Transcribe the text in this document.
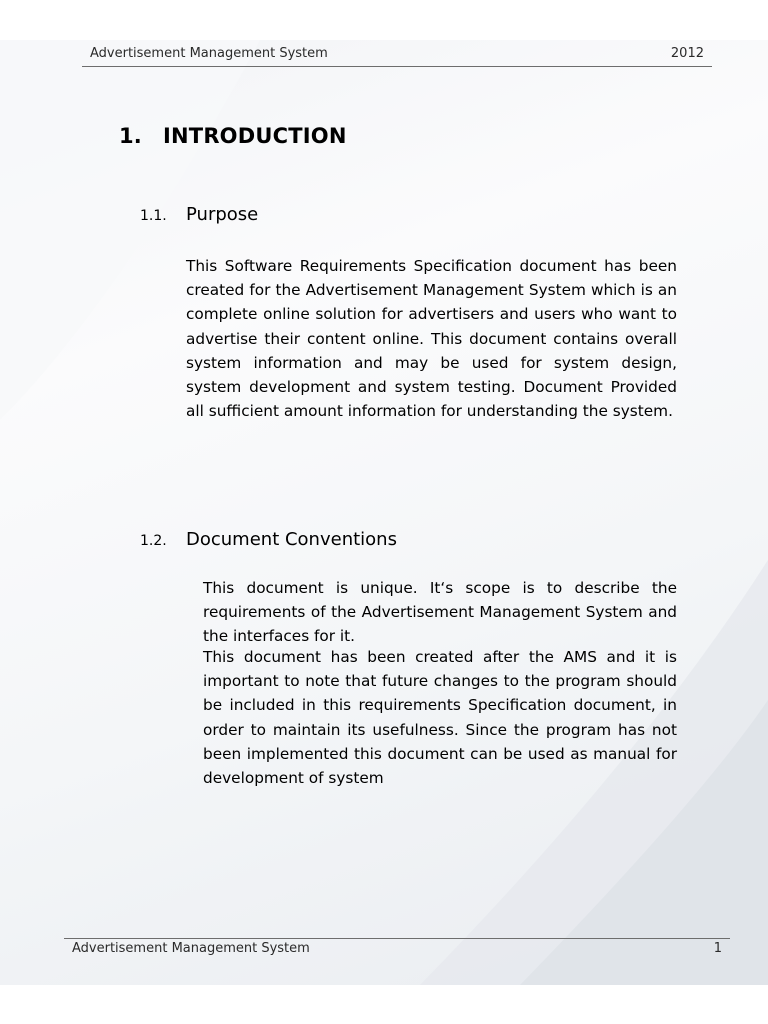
Advertisement Management System	2012
1. INTRODUCTION
1.1. Purpose
This Software Requirements Specification document has been created for the Advertisement Management System which is an complete online solution for advertisers and users who want to advertise their content online. This document contains overall system information and may be used for system design, system development and system testing. Document Provided all sufficient amount information for understanding the system.
1.2. Document Conventions
This document is unique. It‘s scope is to describe the requirements of the Advertisement Management System and the interfaces for it.
This document has been created after the AMS and it is important to note that future changes to the program should be included in this requirements Specification document, in order to maintain its usefulness. Since the program has not been implemented this document can be used as manual for development of system
Advertisement Management System	1
